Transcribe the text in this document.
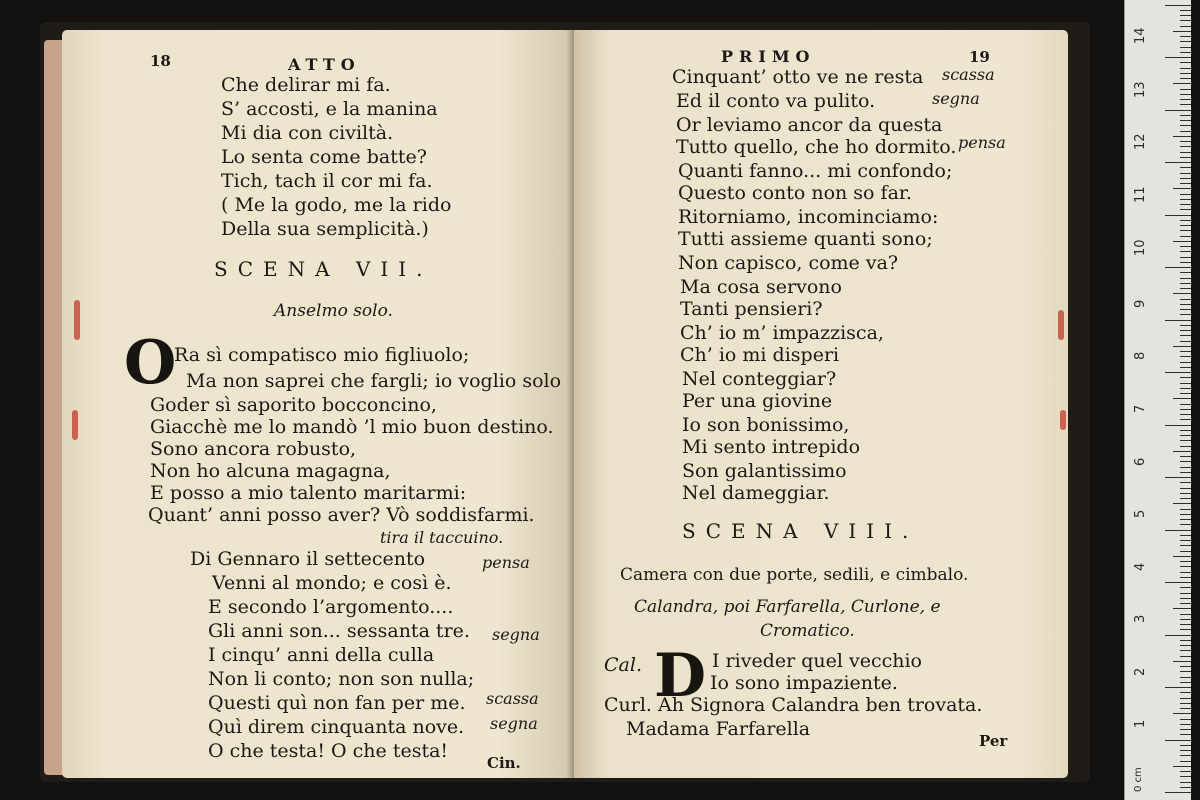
18	ATTO
Che delirar mi fa.
S’ accosti, e la manina
Mi dia con civiltà.
Lo senta come batte?
Tich, tach il cor mi fa.
( Me la godo, me la rido
Della sua semplicità.)
SCENA VII.
Anselmo solo.
O
Ra sì compatisco mio figliuolo;
Ma non saprei che fargli; io voglio solo
Goder sì saporito bocconcino,
Giacchè me lo mandò ’l mio buon destino.
Sono ancora robusto,
Non ho alcuna magagna,
E posso a mio talento maritarmi:
Quant’ anni posso aver? Vò soddisfarmi.
tira il taccuino.
Di Gennaro il settecento	pensa
Venni al mondo; e così è.
E secondo l’argomento....
Gli anni son... sessanta tre.
I cinqu’ anni della culla
Non li conto; non son nulla;
Questi quì non fan per me.
Quì direm cinquanta nove.
O che testa! O che testa!
segna
scassa
segna
Cin.
PRIMO	19
Cinquant’ otto ve ne resta
Ed il conto va pulito.
Or leviamo ancor da questa
Tutto quello, che ho dormito.
Quanti fanno... mi confondo;
Questo conto non so far.
Ritorniamo, incominciamo:
Tutti assieme quanti sono;
Non capisco, come va?
Ma cosa servono
Tanti pensieri?
Ch’ io m’ impazzisca,
Ch’ io mi disperi
Nel conteggiar?
Per una giovine
Io son bonissimo,
Mi sento intrepido
Son galantissimo
Nel dameggiar.
scassa
segna
pensa
SCENA VIII.
Camera con due porte, sedili, e cimbalo.
Calandra, poi Farfarella, Curlone, e
Cromatico.
Cal. D I riveder quel vecchio
Io sono impaziente.
Curl. Ah Signora Calandra ben trovata.
Madama Farfarella
Per
14
13
12
11
10
9
8
7
6
5
4
3
2
1
0 cm
